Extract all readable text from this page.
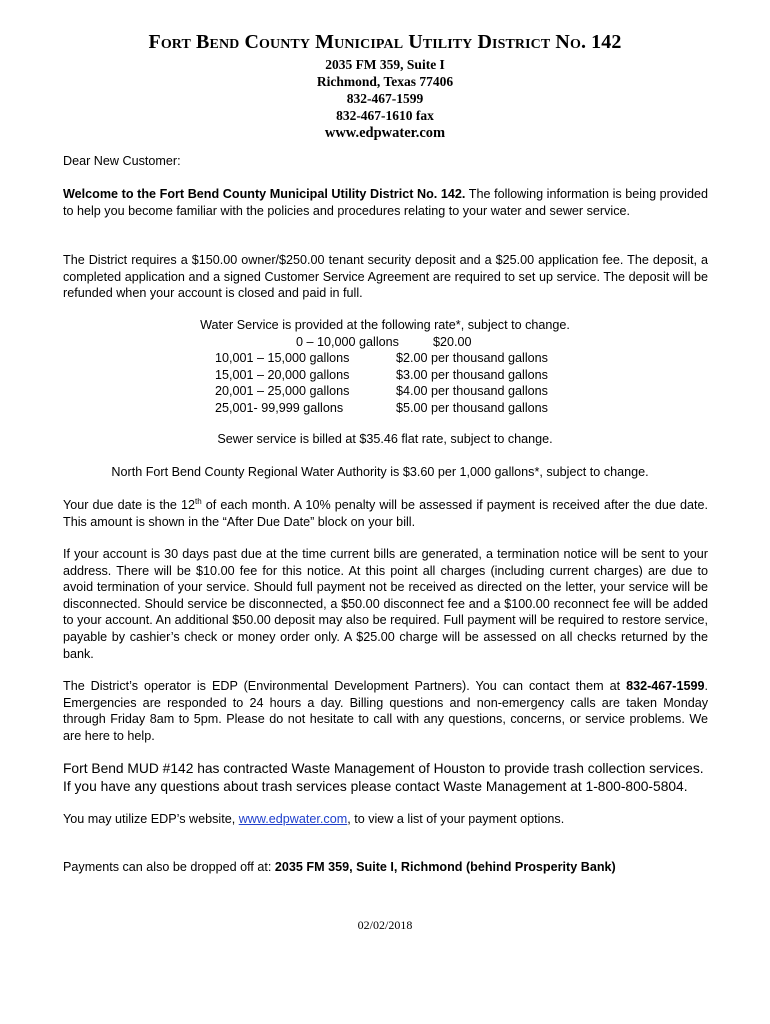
Fort Bend County Municipal Utility District No. 142
2035 FM 359, Suite I
Richmond, Texas 77406
832-467-1599
832-467-1610 fax
www.edpwater.com
Dear New Customer:
Welcome to the Fort Bend County Municipal Utility District No. 142. The following information is being provided to help you become familiar with the policies and procedures relating to your water and sewer service.
The District requires a $150.00 owner/$250.00 tenant security deposit and a $25.00 application fee. The deposit, a completed application and a signed Customer Service Agreement are required to set up service. The deposit will be refunded when your account is closed and paid in full.
Water Service is provided at the following rate*, subject to change.
0 – 10,000 gallons	$20.00
10,001 – 15,000 gallons	$2.00 per thousand gallons
15,001 – 20,000 gallons	$3.00 per thousand gallons
20,001 – 25,000 gallons	$4.00 per thousand gallons
25,001- 99,999 gallons	$5.00 per thousand gallons
Sewer service is billed at $35.46 flat rate, subject to change.
North Fort Bend County Regional Water Authority is $3.60 per 1,000 gallons*, subject to change.
Your due date is the 12th of each month. A 10% penalty will be assessed if payment is received after the due date. This amount is shown in the “After Due Date” block on your bill.
If your account is 30 days past due at the time current bills are generated, a termination notice will be sent to your address. There will be $10.00 fee for this notice. At this point all charges (including current charges) are due to avoid termination of your service. Should full payment not be received as directed on the letter, your service will be disconnected. Should service be disconnected, a $50.00 disconnect fee and a $100.00 reconnect fee will be added to your account. An additional $50.00 deposit may also be required. Full payment will be required to restore service, payable by cashier’s check or money order only. A $25.00 charge will be assessed on all checks returned by the bank.
The District’s operator is EDP (Environmental Development Partners). You can contact them at 832-467-1599. Emergencies are responded to 24 hours a day. Billing questions and non-emergency calls are taken Monday through Friday 8am to 5pm. Please do not hesitate to call with any questions, concerns, or service problems. We are here to help.
Fort Bend MUD #142 has contracted Waste Management of Houston to provide trash collection services. If you have any questions about trash services please contact Waste Management at 1-800-800-5804.
You may utilize EDP’s website, www.edpwater.com, to view a list of your payment options.
Payments can also be dropped off at: 2035 FM 359, Suite I, Richmond (behind Prosperity Bank)
02/02/2018
